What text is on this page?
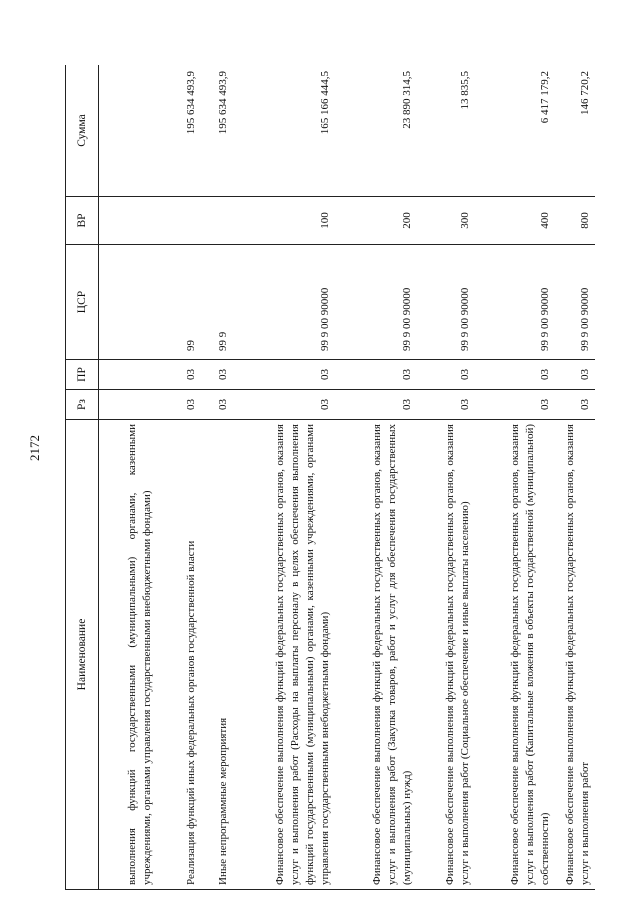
2172
Наименование	Рз	ПР	ЦСР	ВР	Сумма
выполнения функций государственными (муниципальными) органами, казенными учреждениями, органами управления государственными внебюджетными фондами)					
Реализация функций иных федеральных органов государственной власти	03	03	99		195 634 493,9
Иные непрограммные мероприятия	03	03	99 9		195 634 493,9
Финансовое обеспечение выполнения функций федеральных государственных органов, оказания услуг и выполнения работ (Расходы на выплаты персоналу в целях обеспечения выполнения функций государственными (муниципальными) органами, казенными учреждениями, органами управления государственными внебюджетными фондами)	03	03	99 9 00 90000	100	165 166 444,5
Финансовое обеспечение выполнения функций федеральных государственных органов, оказания услуг и выполнения работ (Закупка товаров, работ и услуг для обеспечения государственных (муниципальных) нужд)	03	03	99 9 00 90000	200	23 890 314,5
Финансовое обеспечение выполнения функций федеральных государственных органов, оказания услуг и выполнения работ (Социальное обеспечение и иные выплаты населению)	03	03	99 9 00 90000	300	13 835,5
Финансовое обеспечение выполнения функций федеральных государственных органов, оказания услуг и выполнения работ (Капитальные вложения в объекты государственной (муниципальной) собственности)	03	03	99 9 00 90000	400	6 417 179,2
Финансовое обеспечение выполнения функций федеральных государственных органов, оказания услуг и выполнения работ	03	03	99 9 00 90000	800	146 720,2
